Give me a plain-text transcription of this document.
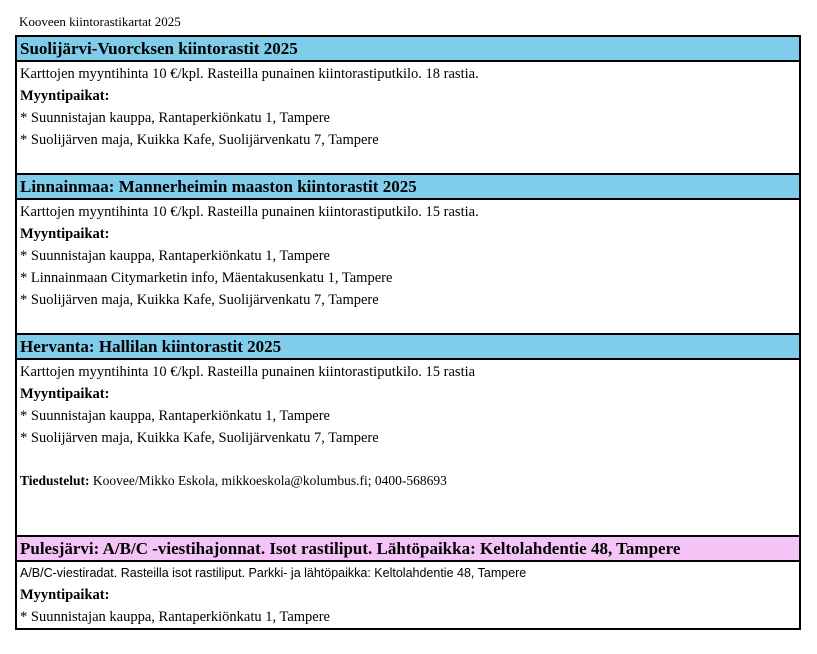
Kooveen kiintorastikartat 2025
Suolijärvi-Vuorcksen kiintorastit 2025
Karttojen myyntihinta 10 €/kpl. Rasteilla punainen kiintorastiputkilo. 18 rastia.
Myyntipaikat:
* Suunnistajan kauppa, Rantaperkiönkatu 1, Tampere
* Suolijärven maja, Kuikka Kafe, Suolijärvenkatu 7, Tampere
Linnainmaa: Mannerheimin maaston kiintorastit 2025
Karttojen myyntihinta 10 €/kpl. Rasteilla punainen kiintorastiputkilo. 15 rastia.
Myyntipaikat:
* Suunnistajan kauppa, Rantaperkiönkatu 1, Tampere
* Linnainmaan Citymarketin info, Mäentakusenkatu 1, Tampere
* Suolijärven maja, Kuikka Kafe, Suolijärvenkatu 7, Tampere
Hervanta: Hallilan kiintorastit 2025
Karttojen myyntihinta 10 €/kpl. Rasteilla punainen kiintorastiputkilo. 15 rastia
Myyntipaikat:
* Suunnistajan kauppa, Rantaperkiönkatu 1, Tampere
* Suolijärven maja, Kuikka Kafe, Suolijärvenkatu 7, Tampere
Tiedustelut: Koovee/Mikko Eskola, mikkoeskola@kolumbus.fi; 0400-568693
Pulesjärvi: A/B/C -viestihajonnat. Isot rastiliput. Lähtöpaikka: Keltolahdentie 48, Tampere
A/B/C-viestiradat. Rasteilla isot rastiliput. Parkki- ja lähtöpaikka: Keltolahdentie 48, Tampere
Myyntipaikat:
* Suunnistajan kauppa, Rantaperkiönkatu 1, Tampere
